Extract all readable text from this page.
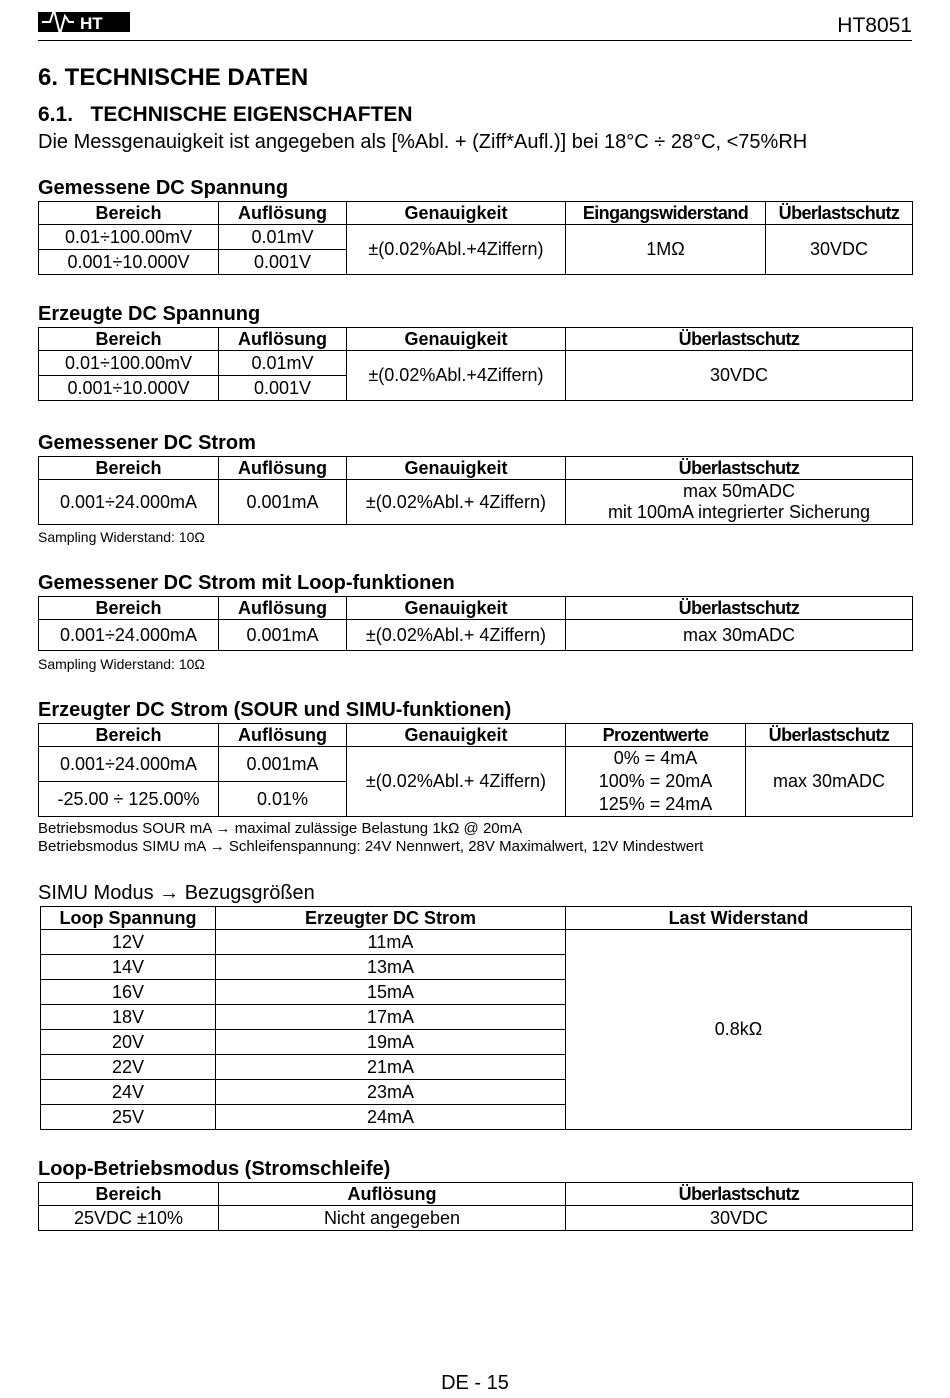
HT	HT8051
6. TECHNISCHE DATEN
6.1.   TECHNISCHE EIGENSCHAFTEN
Die Messgenauigkeit ist angegeben als [%Abl. + (Ziff*Aufl.)] bei 18°C ÷ 28°C, <75%RH
Gemessene DC Spannung
Bereich	Auflösung	Genauigkeit	Eingangswiderstand	Überlastschutz
0.01÷100.00mV	0.01mV	±(0.02%Abl.+4Ziffern)	1MΩ	30VDC
0.001÷10.000V	0.001V			
Erzeugte DC Spannung
Bereich	Auflösung	Genauigkeit	Überlastschutz
0.01÷100.00mV	0.01mV	±(0.02%Abl.+4Ziffern)	30VDC
0.001÷10.000V	0.001V		
Gemessener DC Strom
Bereich	Auflösung	Genauigkeit	Überlastschutz
0.001÷24.000mA	0.001mA	±(0.02%Abl.+ 4Ziffern)	max 50mADC
mit 100mA integrierter Sicherung
Sampling Widerstand: 10Ω
Gemessener DC Strom mit Loop-funktionen
Bereich	Auflösung	Genauigkeit	Überlastschutz
0.001÷24.000mA	0.001mA	±(0.02%Abl.+ 4Ziffern)	max 30mADC
Sampling Widerstand: 10Ω
Erzeugter DC Strom (SOUR und SIMU-funktionen)
Bereich	Auflösung	Genauigkeit	Prozentwerte	Überlastschutz
0.001÷24.000mA	0.001mA	±(0.02%Abl.+ 4Ziffern)	0% = 4mA
100% = 20mA
125% = 24mA	max 30mADC
-25.00 ÷ 125.00%	0.01%			
Betriebsmodus SOUR mA → maximal zulässige Belastung 1kΩ @ 20mA
Betriebsmodus SIMU mA → Schleifenspannung: 24V Nennwert, 28V Maximalwert, 12V Mindestwert
SIMU Modus → Bezugsgrößen
Loop Spannung	Erzeugter DC Strom	Last Widerstand
12V	11mA	0.8kΩ
14V	13mA	
16V	15mA	
18V	17mA	
20V	19mA	
22V	21mA	
24V	23mA	
25V	24mA	
Loop-Betriebsmodus (Stromschleife)
Bereich	Auflösung	Überlastschutz
25VDC ±10%	Nicht angegeben	30VDC
DE - 15
